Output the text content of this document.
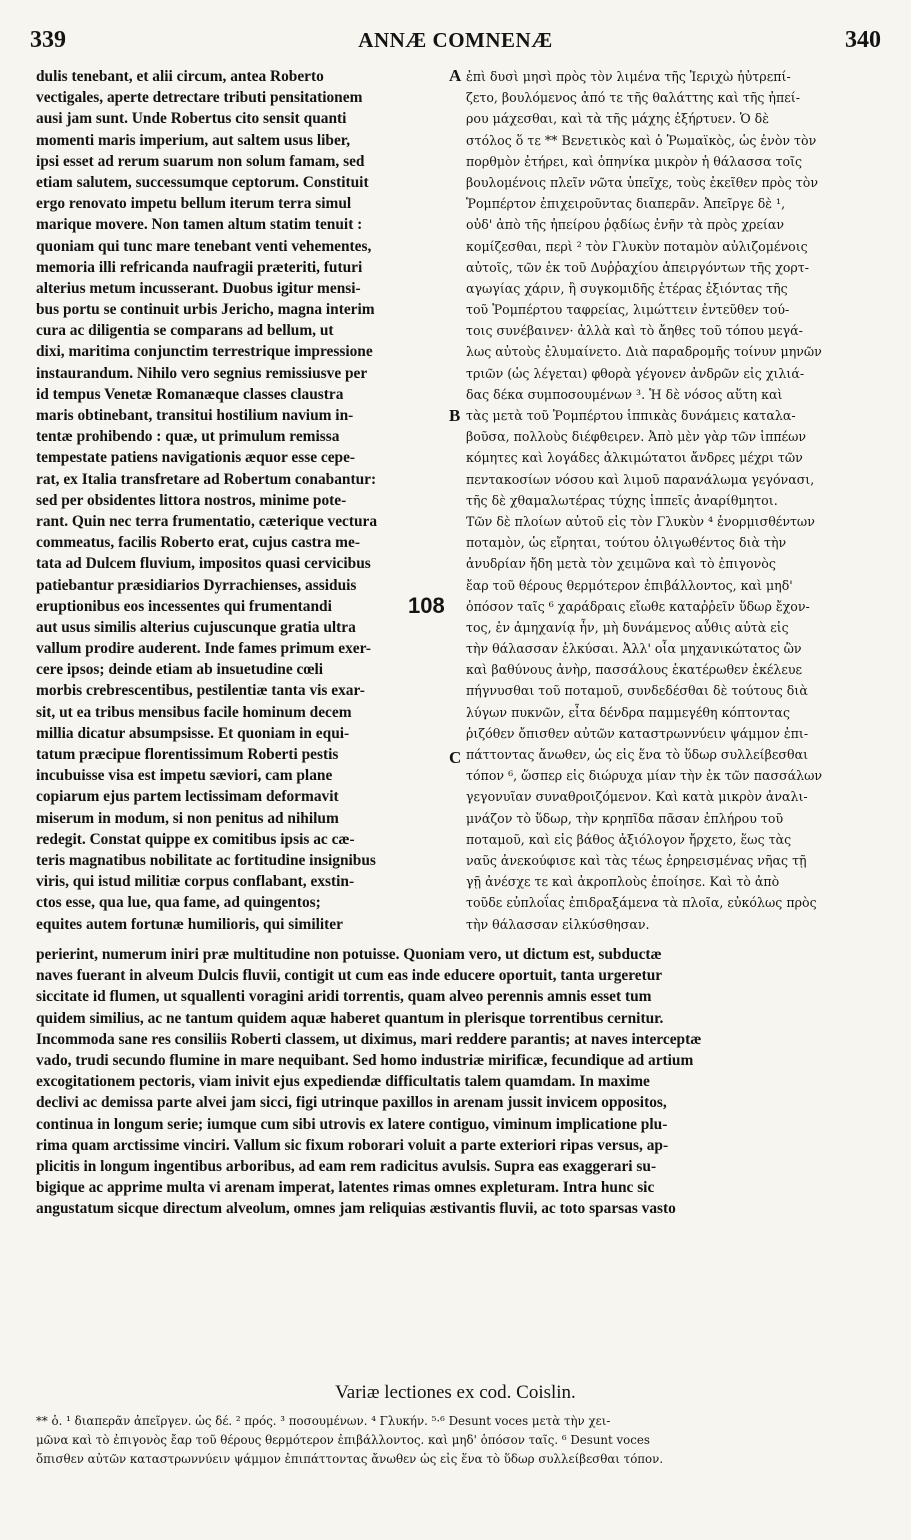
339	ANNÆ COMNENÆ	340
dulis tenebant, et alii circum, antea Roberto
vectigales, aperte detrectare tributi pensitationem
ausi jam sunt. Unde Robertus cito sensit quanti
momenti maris imperium, aut saltem usus liber,
ipsi esset ad rerum suarum non solum famam, sed
etiam salutem, successumque ceptorum. Constituit
ergo renovato impetu bellum iterum terra simul
marique movere. Non tamen altum statim tenuit :
quoniam qui tunc mare tenebant venti vehementes,
memoria illi refricanda naufragii præteriti, futuri
alterius metum incusserant. Duobus igitur mensi-
bus portu se continuit urbis Jericho, magna interim
cura ac diligentia se comparans ad bellum, ut
dixi, maritima conjunctim terrestrique impressione
instaurandum. Nihilo vero segnius remissiusve per
id tempus Venetæ Romanæque classes claustra
maris obtinebant, transitui hostilium navium in-
tentæ prohibendo : quæ, ut primulum remissa
tempestate patiens navigationis æquor esse cepe-
rat, ex Italia transfretare ad Robertum conabantur:
sed per obsidentes littora nostros, minime pote-
rant. Quin nec terra frumentatio, cæterique vectura
commeatus, facilis Roberto erat, cujus castra me-
tata ad Dulcem fluvium, impositos quasi cervicibus
patiebantur præsidiarios Dyrrachienses, assiduis
eruptionibus eos incessentes qui frumentandi
aut usus similis alterius cujuscunque gratia ultra
vallum prodire auderent. Inde fames primum exer-
cere ipsos; deinde etiam ab insuetudine cœli
morbis crebrescentibus, pestilentiæ tanta vis exar-
sit, ut ea tribus mensibus facile hominum decem
millia dicatur absumpsisse. Et quoniam in equi-
tatum præcipue florentissimum Roberti pestis
incubuisse visa est impetu sæviori, cam plane
copiarum ejus partem lectissimam deformavit
miserum in modum, si non penitus ad nihilum
redegit. Constat quippe ex comitibus ipsis ac cæ-
teris magnatibus nobilitate ac fortitudine insignibus
viris, qui istud militiæ corpus conflabant, exstin-
ctos esse, qua lue, qua fame, ad quingentos;
equites autem fortunæ humilioris, qui similiter
ἐπὶ δυσὶ μησὶ πρὸς τὸν λιμένα τῆς Ἱεριχὼ ἠὐτρεπί-
ζετο, βουλόμενος ἀπό τε τῆς θαλάττης καὶ τῆς ἠπεί-
ρου μάχεσθαι, καὶ τὰ τῆς μάχης ἐξήρτυεν. Ὁ δὲ
στόλος ὅ τε ** Βενετικὸς καὶ ὁ Ῥωμαϊκὸς, ὡς ἐνὸν τὸν
πορθμὸν ἐτήρει, καὶ ὁπηνίκα μικρὸν ἡ θάλασσα τοῖς
βουλομένοις πλεῖν νῶτα ὑπεῖχε, τοὺς ἐκεῖθεν πρὸς τὸν
Ῥομπέρτον ἐπιχειροῦντας διαπερᾶν. Ἀπεῖργε δὲ ¹,
οὐδ' ἀπὸ τῆς ἠπείρου ῥᾳδίως ἐνῆν τὰ πρὸς χρείαν
κομίζεσθαι, περὶ ² τὸν Γλυκὺν ποταμὸν αὐλιζομένοις
αὐτοῖς, τῶν ἐκ τοῦ Δυῤῥαχίου ἀπειργόντων τῆς χορτ-
αγωγίας χάριν, ἢ συγκομιδῆς ἑτέρας ἐξιόντας τῆς
τοῦ Ῥομπέρτου ταφρείας, λιμώττειν ἐντεῦθεν τού-
τοις συνέβαινεν· ἀλλὰ καὶ τὸ ἄηθες τοῦ τόπου μεγά-
λως αὐτοὺς ἐλυμαίνετο. Διὰ παραδρομῆς τοίνυν μηνῶν
τριῶν (ὡς λέγεται) φθορὰ γέγονεν ἀνδρῶν εἰς χιλιά-
δας δέκα συμποσουμένων ³. Ἡ δὲ νόσος αὕτη καὶ
τὰς μετὰ τοῦ Ῥομπέρτου ἱππικὰς δυνάμεις καταλα-
βοῦσα, πολλοὺς διέφθειρεν. Ἀπὸ μὲν γὰρ τῶν ἱππέων
κόμητες καὶ λογάδες ἀλκιμώτατοι ἄνδρες μέχρι τῶν
πεντακοσίων νόσου καὶ λιμοῦ παρανάλωμα γεγόνασι,
τῆς δὲ χθαμαλωτέρας τύχης ἱππεῖς ἀναρίθμητοι.
Τῶν δὲ πλοίων αὐτοῦ εἰς τὸν Γλυκὺν ⁴ ἐνορμισθέντων
ποταμὸν, ὡς εἴρηται, τούτου ὀλιγωθέντος διὰ τὴν
ἀνυδρίαν ἤδη μετὰ τὸν χειμῶνα καὶ τὸ ἐπιγονὸς
ἔαρ τοῦ θέρους θερμότερον ἐπιβάλλοντος, καὶ μηδ'
ὁπόσον ταῖς ⁶ χαράδραις εἴωθε καταῤῥεῖν ὕδωρ ἔχον-
τος, ἐν ἀμηχανίᾳ ἦν, μὴ δυνάμενος αὖθις αὐτὰ εἰς
τὴν θάλασσαν ἑλκύσαι. Ἀλλ' οἷα μηχανικώτατος ὢν
καὶ βαθύνους ἀνὴρ, πασσάλους ἑκατέρωθεν ἐκέλευε
πήγνυσθαι τοῦ ποταμοῦ, συνδεδέσθαι δὲ τούτους διὰ
λύγων πυκνῶν, εἶτα δένδρα παμμεγέθη κόπτοντας
ῥιζόθεν ὄπισθεν αὐτῶν καταστρωννύειν ψάμμον ἐπι-
πάττοντας ἄνωθεν, ὡς εἰς ἕνα τὸ ὕδωρ συλλείβεσθαι
τόπον ⁶, ὥσπερ εἰς διώρυχα μίαν τὴν ἐκ τῶν πασσάλων
γεγονυῖαν συναθροιζόμενον. Καὶ κατὰ μικρὸν ἀναλι-
μνάζον τὸ ὕδωρ, τὴν κρηπῖδα πᾶσαν ἐπλήρου τοῦ
ποταμοῦ, καὶ εἰς βάθος ἀξιόλογον ἤρχετο, ἕως τὰς
ναῦς ἀνεκούφισε καὶ τὰς τέως ἐρηρεισμένας νῆας τῇ
γῇ ἀνέσχε τε καὶ ἀκροπλοὺς ἐποίησε. Καὶ τὸ ἀπὸ
τοῦδε εὐπλοΐας ἐπιδραξάμενα τὰ πλοῖα, εὐκόλως πρὸς
τὴν θάλασσαν εἱλκύσθησαν.
A
B
C
108
perierint, numerum iniri præ multitudine non potuisse. Quoniam vero, ut dictum est, subductæ
naves fuerant in alveum Dulcis fluvii, contigit ut cum eas inde educere oportuit, tanta urgeretur
siccitate id flumen, ut squallenti voragini aridi torrentis, quam alveo perennis amnis esset tum
quidem similius, ac ne tantum quidem aquæ haberet quantum in plerisque torrentibus cernitur.
Incommoda sane res consiliis Roberti classem, ut diximus, mari reddere parantis; at naves interceptæ
vado, trudi secundo flumine in mare nequibant. Sed homo industriæ mirificæ, fecundique ad artium
excogitationem pectoris, viam inivit ejus expediendæ difficultatis talem quamdam. In maxime
declivi ac demissa parte alvei jam sicci, figi utrinque paxillos in arenam jussit invicem oppositos,
continua in longum serie; iumque cum sibi utrovis ex latere contiguo, viminum implicatione plu-
rima quam arctissime vinciri. Vallum sic fixum roborari voluit a parte exteriori ripas versus, ap-
plicitis in longum ingentibus arboribus, ad eam rem radicitus avulsis. Supra eas exaggerari su-
bigique ac apprime multa vi arenam imperat, latentes rimas omnes expleturam. Intra hunc sic
angustatum sicque directum alveolum, omnes jam reliquias æstivantis fluvii, ac toto sparsas vasto
Variæ lectiones ex cod. Coislin.
** ὁ. ¹ διαπερᾶν ἀπεῖργεν. ὡς δέ. ² πρός. ³ ποσουμένων. ⁴ Γλυκήν. ⁵‧⁶ Desunt voces μετὰ τὴν χει-
μῶνα καὶ τὸ ἐπιγονὸς ἔαρ τοῦ θέρους θερμότερον ἐπιβάλλοντος. καὶ μηδ' ὁπόσον ταῖς. ⁶ Desunt voces
ὄπισθεν αὐτῶν καταστρωννύειν ψάμμον ἐπιπάττοντας ἄνωθεν ὡς εἰς ἕνα τὸ ὕδωρ συλλείβεσθαι τόπον.
